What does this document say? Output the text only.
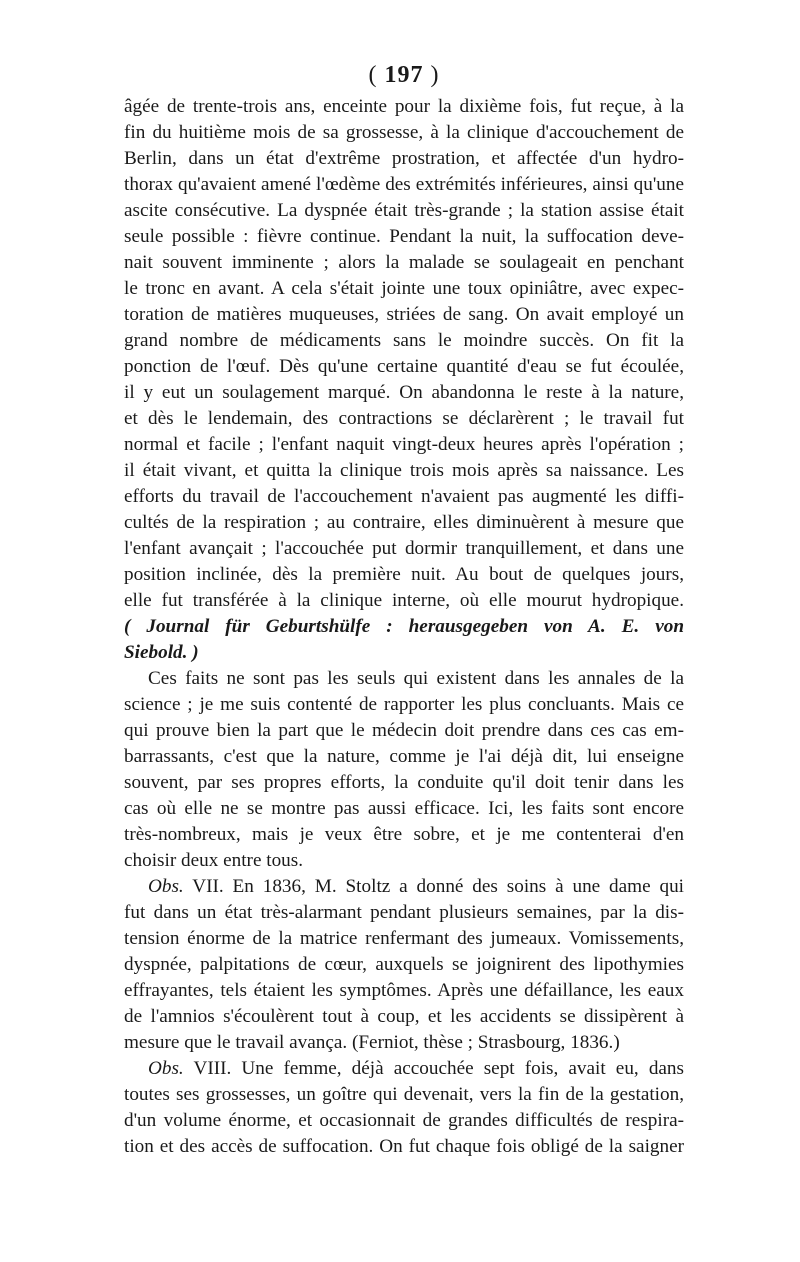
( 197 )
âgée de trente-trois ans, enceinte pour la dixième fois, fut reçue, à la
fin du huitième mois de sa grossesse, à la clinique d'accouchement de
Berlin, dans un état d'extrême prostration, et affectée d'un hydro-
thorax qu'avaient amené l'œdème des extrémités inférieures, ainsi qu'une
ascite consécutive. La dyspnée était très-grande ; la station assise était
seule possible : fièvre continue. Pendant la nuit, la suffocation deve-
nait souvent imminente ; alors la malade se soulageait en penchant
le tronc en avant. A cela s'était jointe une toux opiniâtre, avec expec-
toration de matières muqueuses, striées de sang. On avait employé un
grand nombre de médicaments sans le moindre succès. On fit la
ponction de l'œuf. Dès qu'une certaine quantité d'eau se fut écoulée,
il y eut un soulagement marqué. On abandonna le reste à la nature,
et dès le lendemain, des contractions se déclarèrent ; le travail fut
normal et facile ; l'enfant naquit vingt-deux heures après l'opération ;
il était vivant, et quitta la clinique trois mois après sa naissance. Les
efforts du travail de l'accouchement n'avaient pas augmenté les diffi-
cultés de la respiration ; au contraire, elles diminuèrent à mesure que
l'enfant avançait ; l'accouchée put dormir tranquillement, et dans une
position inclinée, dès la première nuit. Au bout de quelques jours,
elle fut transférée à la clinique interne, où elle mourut hydropique.
( Journal für Geburtshülfe : herausgegeben von A. E. von
Siebold. )
Ces faits ne sont pas les seuls qui existent dans les annales de la
science ; je me suis contenté de rapporter les plus concluants. Mais ce
qui prouve bien la part que le médecin doit prendre dans ces cas em-
barrassants, c'est que la nature, comme je l'ai déjà dit, lui enseigne
souvent, par ses propres efforts, la conduite qu'il doit tenir dans les
cas où elle ne se montre pas aussi efficace. Ici, les faits sont encore
très-nombreux, mais je veux être sobre, et je me contenterai d'en
choisir deux entre tous.
Obs. VII. En 1836, M. Stoltz a donné des soins à une dame qui
fut dans un état très-alarmant pendant plusieurs semaines, par la dis-
tension énorme de la matrice renfermant des jumeaux. Vomissements,
dyspnée, palpitations de cœur, auxquels se joignirent des lipothymies
effrayantes, tels étaient les symptômes. Après une défaillance, les eaux
de l'amnios s'écoulèrent tout à coup, et les accidents se dissipèrent à
mesure que le travail avança. (Ferniot, thèse ; Strasbourg, 1836.)
Obs. VIII. Une femme, déjà accouchée sept fois, avait eu, dans
toutes ses grossesses, un goître qui devenait, vers la fin de la gestation,
d'un volume énorme, et occasionnait de grandes difficultés de respira-
tion et des accès de suffocation. On fut chaque fois obligé de la saigner
